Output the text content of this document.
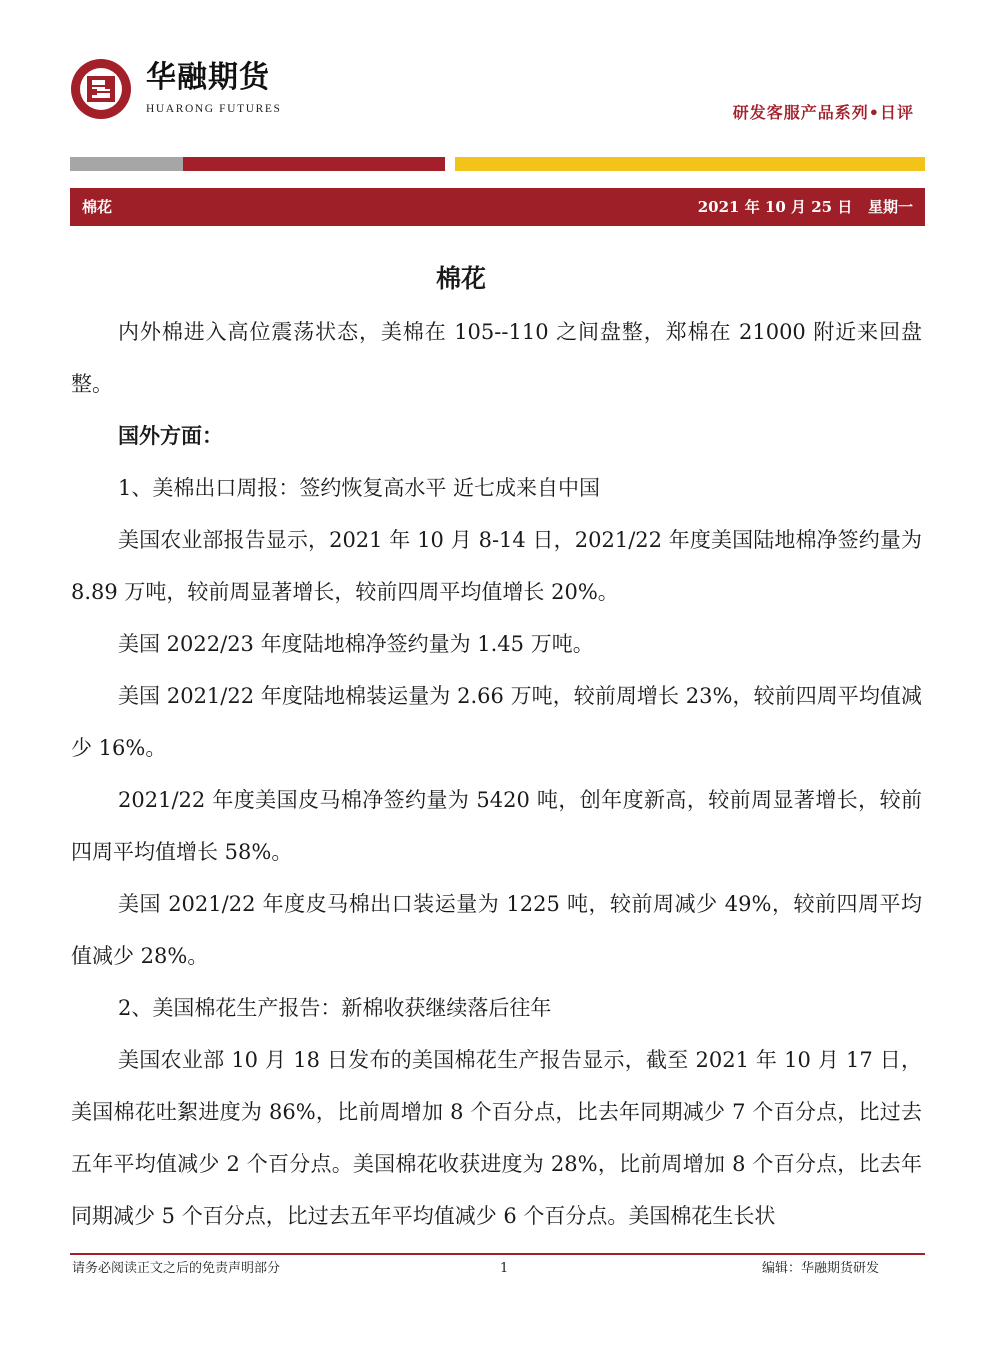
华融期货
HUARONG FUTURES	研发客服产品系列•日评
棉花	2021 年 10 月 25 日   星期一
棉花

内外棉进入高位震荡状态，美棉在 105--110 之间盘整，郑棉在 21000 附近来回盘整。

国外方面：

1、美棉出口周报：签约恢复高水平 近七成来自中国

美国农业部报告显示，2021 年 10 月 8-14 日，2021/22 年度美国陆地棉净签约量为 8.89 万吨，较前周显著增长，较前四周平均值增长 20%。

美国 2022/23 年度陆地棉净签约量为 1.45 万吨。

美国 2021/22 年度陆地棉装运量为 2.66 万吨，较前周增长 23%，较前四周平均值减少 16%。

2021/22 年度美国皮马棉净签约量为 5420 吨，创年度新高，较前周显著增长，较前四周平均值增长 58%。

美国 2021/22 年度皮马棉出口装运量为 1225 吨，较前周减少 49%，较前四周平均值减少 28%。

2、美国棉花生产报告：新棉收获继续落后往年

美国农业部 10 月 18 日发布的美国棉花生产报告显示，截至 2021 年 10 月 17 日，美国棉花吐絮进度为 86%，比前周增加 8 个百分点，比去年同期减少 7 个百分点，比过去五年平均值减少 2 个百分点。美国棉花收获进度为 28%，比前周增加 8 个百分点，比去年同期减少 5 个百分点，比过去五年平均值减少 6 个百分点。美国棉花生长状

请务必阅读正文之后的免责声明部分	1	编辑：华融期货研发
